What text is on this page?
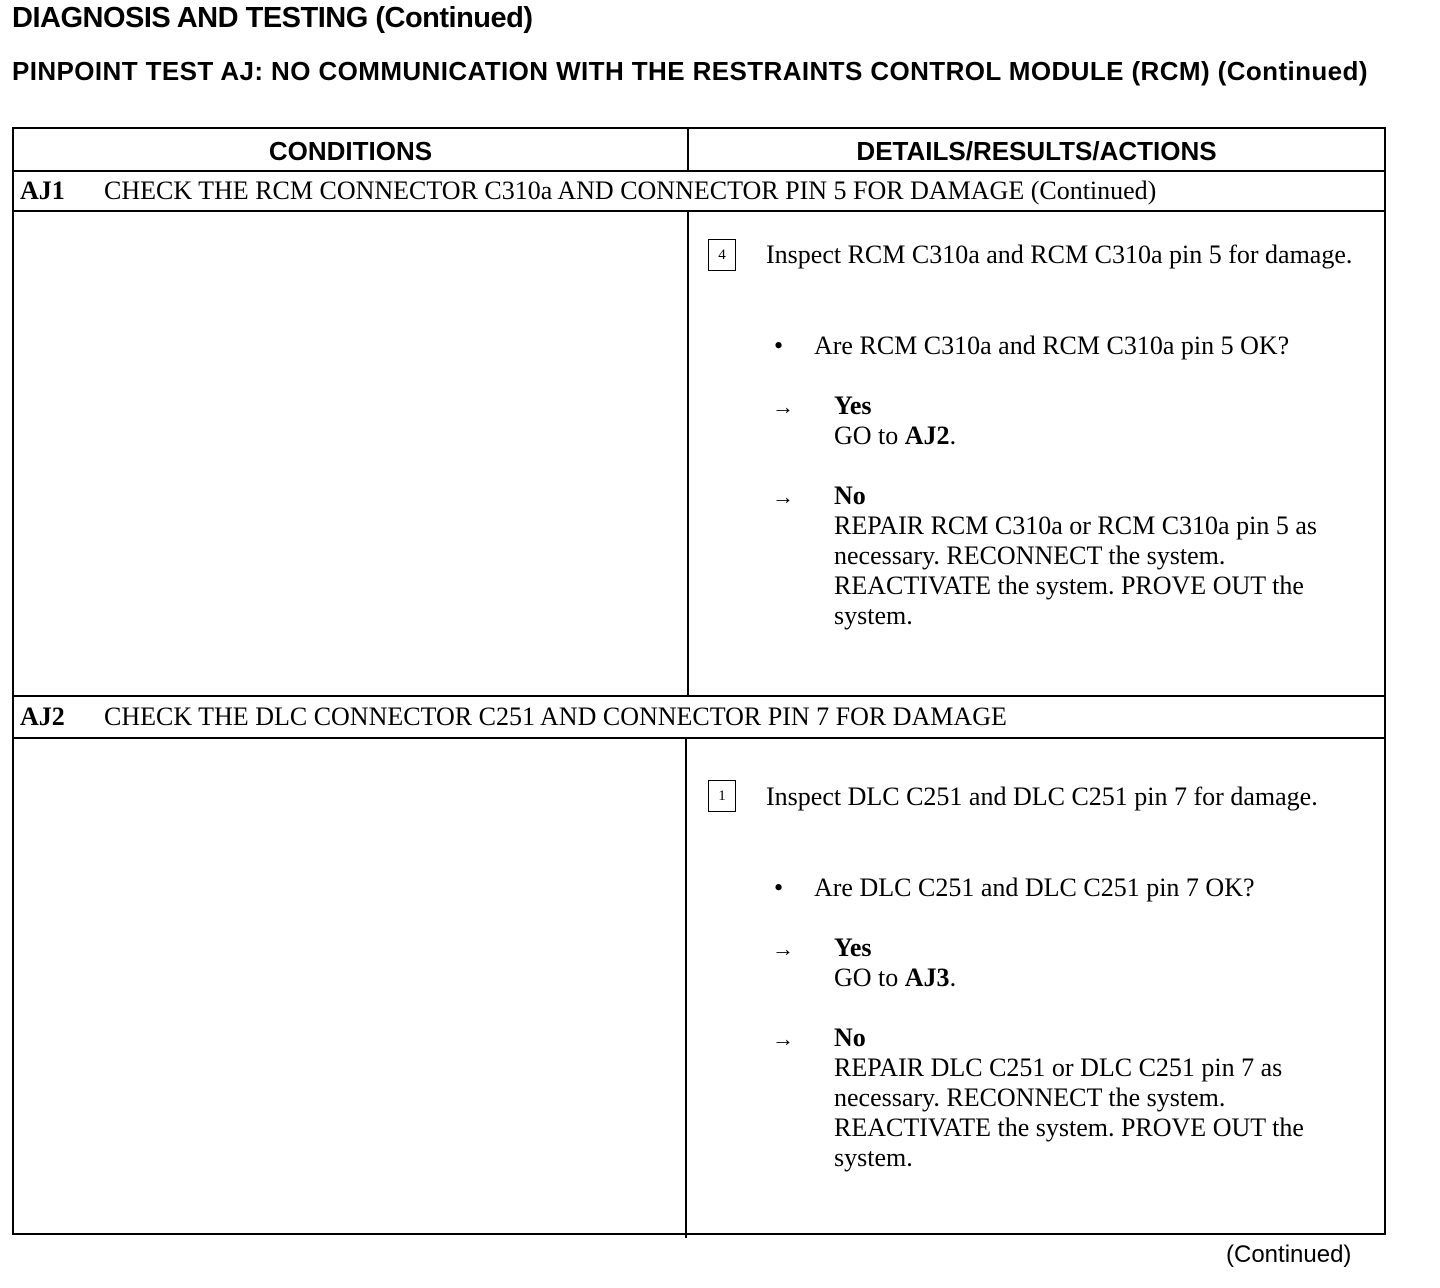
DIAGNOSIS AND TESTING (Continued)
PINPOINT TEST AJ: NO COMMUNICATION WITH THE RESTRAINTS CONTROL MODULE (RCM) (Continued)
CONDITIONS	DETAILS/RESULTS/ACTIONS
AJ1 CHECK THE RCM CONNECTOR C310a AND CONNECTOR PIN 5 FOR DAMAGE (Continued)
4	Inspect RCM C310a and RCM C310a pin 5 for damage.
•	Are RCM C310a and RCM C310a pin 5 OK?
→	Yes
GO to AJ2.
→	No
REPAIR RCM C310a or RCM C310a pin 5 as necessary. RECONNECT the system. REACTIVATE the system. PROVE OUT the system.
AJ2 CHECK THE DLC CONNECTOR C251 AND CONNECTOR PIN 7 FOR DAMAGE
1	Inspect DLC C251 and DLC C251 pin 7 for damage.
•	Are DLC C251 and DLC C251 pin 7 OK?
→	Yes
GO to AJ3.
→	No
REPAIR DLC C251 or DLC C251 pin 7 as necessary. RECONNECT the system. REACTIVATE the system. PROVE OUT the system.
(Continued)
